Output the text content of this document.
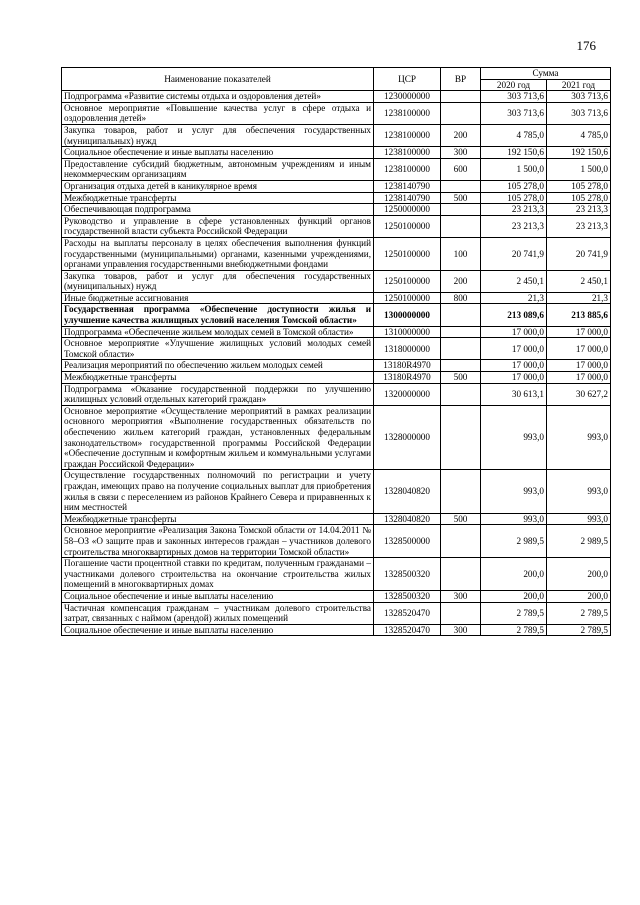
176
Наименование показателей	ЦСР	ВР	Сумма	
			2020 год	2021 год
Подпрограмма «Развитие системы отдыха и оздоровления детей»	1230000000		303 713,6	303 713,6
Основное мероприятие «Повышение качества услуг в сфере отдыха и оздоровления детей»	1238100000		303 713,6	303 713,6
Закупка товаров, работ и услуг для обеспечения государственных (муниципальных) нужд	1238100000	200	4 785,0	4 785,0
Социальное обеспечение и иные выплаты населению	1238100000	300	192 150,6	192 150,6
Предоставление субсидий бюджетным, автономным учреждениям и иным некоммерческим организациям	1238100000	600	1 500,0	1 500,0
Организация отдыха детей в каникулярное время	1238140790		105 278,0	105 278,0
Межбюджетные трансферты	1238140790	500	105 278,0	105 278,0
Обеспечивающая подпрограмма	1250000000		23 213,3	23 213,3
Руководство и управление в сфере установленных функций органов государственной власти субъекта Российской Федерации	1250100000		23 213,3	23 213,3
Расходы на выплаты персоналу в целях обеспечения выполнения функций государственными (муниципальными) органами, казенными учреждениями, органами управления государственными внебюджетными фондами	1250100000	100	20 741,9	20 741,9
Закупка товаров, работ и услуг для обеспечения государственных (муниципальных) нужд	1250100000	200	2 450,1	2 450,1
Иные бюджетные ассигнования	1250100000	800	21,3	21,3
Государственная программа «Обеспечение доступности жилья и улучшение качества жилищных условий населения Томской области»	1300000000		213 089,6	213 885,6
Подпрограмма «Обеспечение жильем молодых семей в Томской области»	1310000000		17 000,0	17 000,0
Основное мероприятие «Улучшение жилищных условий молодых семей Томской области»	1318000000		17 000,0	17 000,0
Реализация мероприятий по обеспечению жильем молодых семей	13180R4970		17 000,0	17 000,0
Межбюджетные трансферты	13180R4970	500	17 000,0	17 000,0
Подпрограмма «Оказание государственной поддержки по улучшению жилищных условий отдельных категорий граждан»	1320000000		30 613,1	30 627,2
Основное мероприятие «Осуществление мероприятий в рамках реализации основного мероприятия «Выполнение государственных обязательств по обеспечению жильем категорий граждан, установленных федеральным законодательством» государственной программы Российской Федерации «Обеспечение доступным и комфортным жильем и коммунальными услугами граждан Российской Федерации»	1328000000		993,0	993,0
Осуществление государственных полномочий по регистрации и учету граждан, имеющих право на получение социальных выплат для приобретения жилья в связи с переселением из районов Крайнего Севера и приравненных к ним местностей	1328040820		993,0	993,0
Межбюджетные трансферты	1328040820	500	993,0	993,0
Основное мероприятие «Реализация Закона Томской области от 14.04.2011 № 58–ОЗ «О защите прав и законных интересов граждан – участников долевого строительства многоквартирных домов на территории Томской области»	1328500000		2 989,5	2 989,5
Погашение части процентной ставки по кредитам, полученным гражданами – участниками долевого строительства на окончание строительства жилых помещений в многоквартирных домах	1328500320		200,0	200,0
Социальное обеспечение и иные выплаты населению	1328500320	300	200,0	200,0
Частичная компенсация гражданам – участникам долевого строительства затрат, связанных с наймом (арендой) жилых помещений	1328520470		2 789,5	2 789,5
Социальное обеспечение и иные выплаты населению	1328520470	300	2 789,5	2 789,5
